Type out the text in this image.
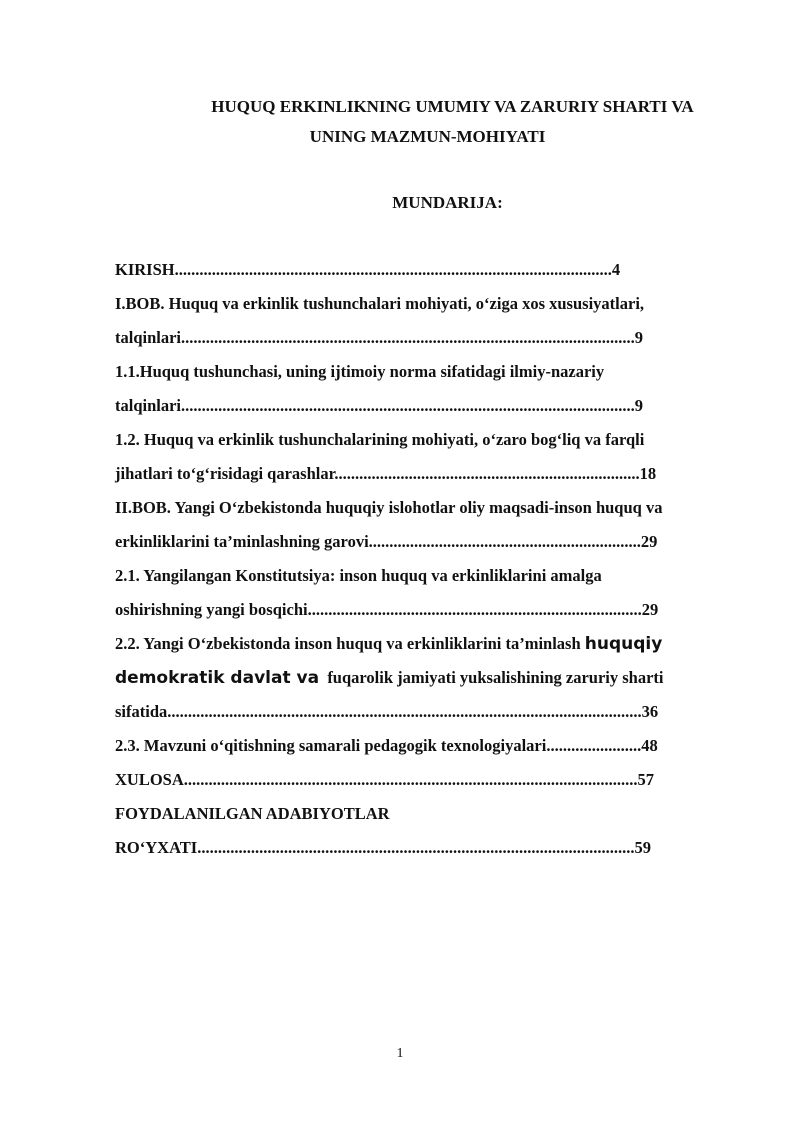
HUQUQ ERKINLIKNING UMUMIY VA ZARURIY SHARTI VA
UNING MAZMUN-MOHIYATI
MUNDARIJA:
KIRISH..........................................................................................................4
I.BOB. Huquq va erkinlik tushunchalari mohiyati, o‘ziga xos xususiyatlari,
talqinlari..............................................................................................................9
1.1.Huquq tushunchasi, uning ijtimoiy norma sifatidagi ilmiy-nazariy
talqinlari..............................................................................................................9
1.2. Huquq va erkinlik tushunchalarining mohiyati, o‘zaro bog‘liq va farqli
jihatlari to‘g‘risidagi qarashlar..........................................................................18
II.BOB. Yangi O‘zbekistonda huquqiy islohotlar oliy maqsadi-inson huquq va
erkinliklarini ta’minlashning garovi..................................................................29
2.1. Yangilangan Konstitutsiya: inson huquq va erkinliklarini amalga
oshirishning yangi bosqichi.................................................................................29
2.2. Yangi O‘zbekistonda inson huquq va erkinliklarini ta’minlash huquqiy
demokratik davlat va  fuqarolik jamiyati yuksalishining zaruriy sharti
sifatida...................................................................................................................36
2.3. Mavzuni o‘qitishning samarali pedagogik texnologiyalari.......................48
XULOSA..............................................................................................................57
FOYDALANILGAN ADABIYOTLAR
RO‘YXATI..........................................................................................................59
1
